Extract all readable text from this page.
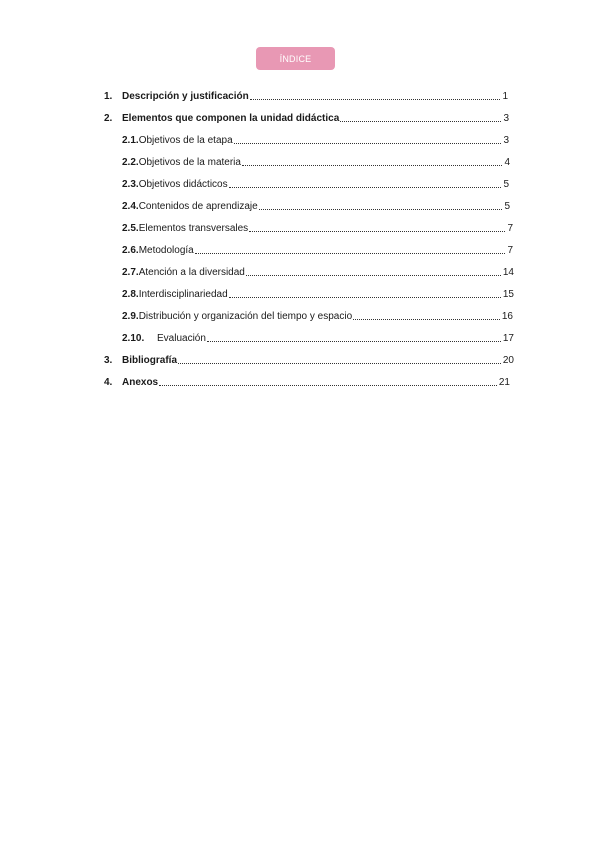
ÍNDICE
1. Descripción y justificación	1
2. Elementos que componen la unidad didáctica	3
2.1. Objetivos de la etapa	3
2.2. Objetivos de la materia	4
2.3. Objetivos didácticos	5
2.4. Contenidos de aprendizaje	5
2.5. Elementos transversales	7
2.6. Metodología	7
2.7. Atención a la diversidad	14
2.8. Interdisciplinariedad	15
2.9. Distribución y organización del tiempo y espacio	16
2.10.	Evaluación	17
3. Bibliografía	20
4. Anexos	21
